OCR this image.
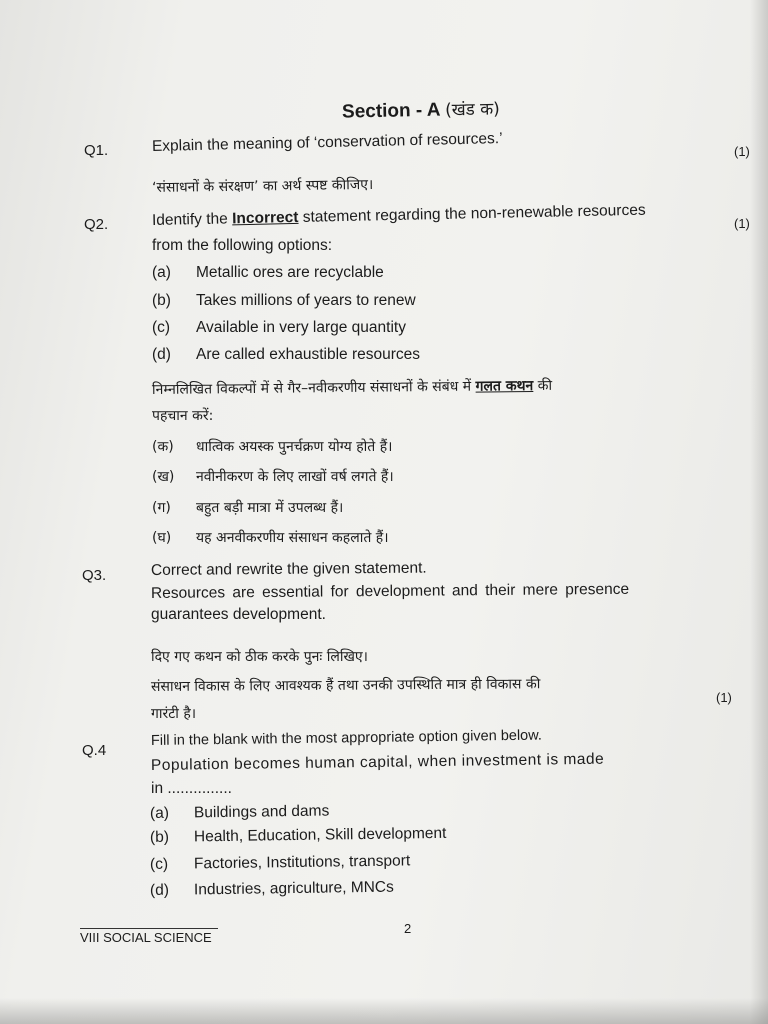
Section - A (खंड क)
Q1.	Explain the meaning of ‘conservation of resources.’	(1)
‘संसाधनों के संरक्षण’ का अर्थ स्पष्ट कीजिए।
Q2.	Identify the Incorrect statement regarding the non-renewable resources	(1)
from the following options:
(a) Metallic ores are recyclable
(b) Takes millions of years to renew
(c) Available in very large quantity
(d) Are called exhaustible resources
निम्नलिखित विकल्पों में से गैर–नवीकरणीय संसाधनों के संबंध में गलत कथन की
पहचान करें:
(क) धात्विक अयस्क पुनर्चक्रण योग्य होते हैं।
(ख) नवीनीकरण के लिए लाखों वर्ष लगते हैं।
(ग) बहुत बड़ी मात्रा में उपलब्ध हैं।
(घ) यह अनवीकरणीय संसाधन कहलाते हैं।
Q3.	Correct and rewrite the given statement.
Resources are essential for development and their mere presence
guarantees development.
दिए गए कथन को ठीक करके पुनः लिखिए।
संसाधन विकास के लिए आवश्यक हैं तथा उनकी उपस्थिति मात्र ही विकास की
गारंटी है।
(1)
Q.4
Fill in the blank with the most appropriate option given below.
Population becomes human capital, when investment is made
in ...............
(a) Buildings and dams
(b) Health, Education, Skill development
(c) Factories, Institutions, transport
(d) Industries, agriculture, MNCs
VIII SOCIAL SCIENCE
2
